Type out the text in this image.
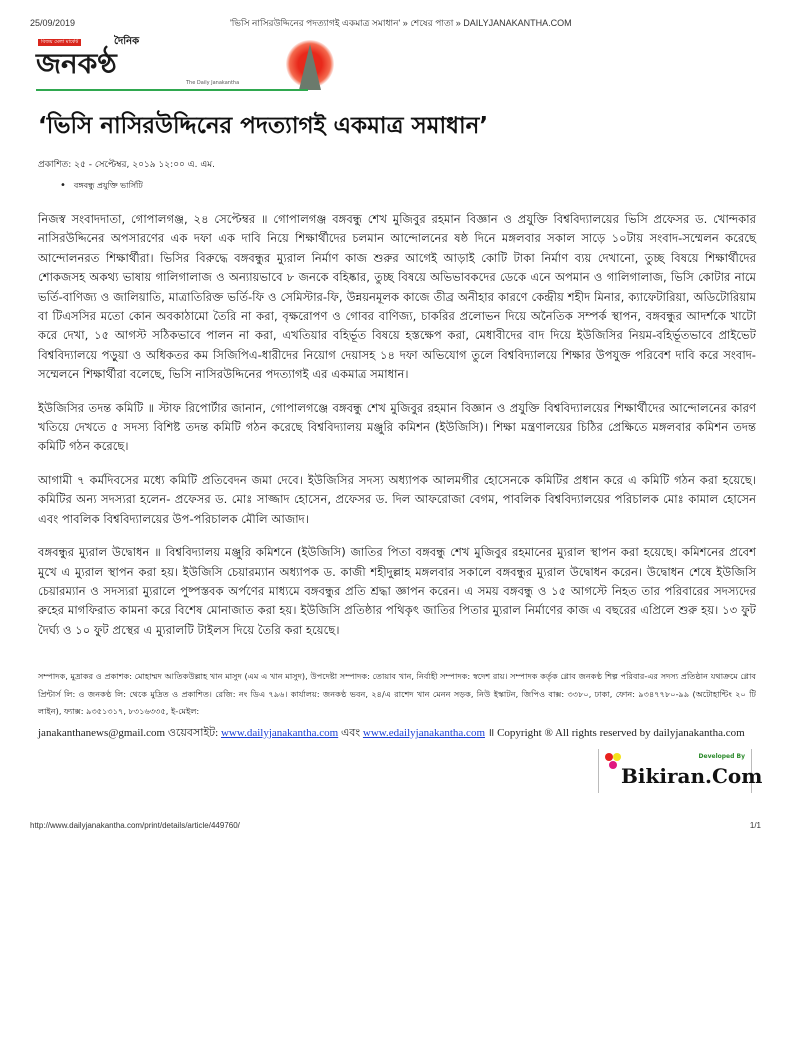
25/09/2019	'ভিসি নাসিরউদ্দিনের পদত্যাগই একমাত্র সমাধান' » শেষের পাতা » DAILYJANAKANTHA.COM
বিজয় মেলা মার্কেট	দৈনিক
জনকণ্ঠ
The Daily Janakantha
‘ভিসি নাসিরউদ্দিনের পদত্যাগই একমাত্র সমাধান’
প্রকাশিত: ২৫ - সেপ্টেম্বর, ২০১৯ ১২:০০ এ. এম.
• বঙ্গবন্ধু প্রযুক্তি ভার্সিটি

নিজস্ব সংবাদদাতা, গোপালগঞ্জ, ২৪ সেপ্টেম্বর ॥ গোপালগঞ্জ বঙ্গবন্ধু শেখ মুজিবুর রহমান বিজ্ঞান ও প্রযুক্তি বিশ্ববিদ্যালয়ের ভিসি প্রফেসর ড. খোন্দকার নাসিরউদ্দিনের অপসারণের এক দফা এক দাবি নিয়ে শিক্ষার্থীদের চলমান আন্দোলনের ষষ্ঠ দিনে মঙ্গলবার সকাল সাড়ে ১০টায় সংবাদ-সম্মেলন করেছে আন্দোলনরত শিক্ষার্থীরা। ভিসির বিরুদ্ধে বঙ্গবন্ধুর ম্যুরাল নির্মাণ কাজ শুরুর আগেই আড়াই কোটি টাকা নির্মাণ ব্যয় দেখানো, তুচ্ছ বিষয়ে শিক্ষার্থীদের শোকজসহ অকথ্য ভাষায় গালিগালাজ ও অন্যায়ভাবে ৮ জনকে বহিষ্কার, তুচ্ছ বিষয়ে অভিভাবকদের ডেকে এনে অপমান ও গালিগালাজ, ভিসি কোটার নামে ভর্তি-বাণিজ্য ও জালিয়াতি, মাত্রাতিরিক্ত ভর্তি-ফি ও সেমিস্টার-ফি, উন্নয়নমূলক কাজে তীব্র অনীহার কারণে কেন্দ্রীয় শহীদ মিনার, ক্যাফেটারিয়া, অডিটোরিয়াম বা টিএসসির মতো কোন অবকাঠামো তৈরি না করা, বৃক্ষরোপণ ও গোবর বাণিজ্য, চাকরির প্রলোভন দিয়ে অনৈতিক সম্পর্ক স্থাপন, বঙ্গবন্ধুর আদর্শকে খাটো করে দেখা, ১৫ আগস্ট সঠিকভাবে পালন না করা, এখতিয়ার বহির্ভূত বিষয়ে হস্তক্ষেপ করা, মেধাবীদের বাদ দিয়ে ইউজিসির নিয়ম-বহির্ভূতভাবে প্রাইভেট বিশ্ববিদ্যালয়ে পড়ুয়া ও অধিকতর কম সিজিপিএ-ধারীদের নিয়োগ দেয়াসহ ১৪ দফা অভিযোগ তুলে বিশ্ববিদ্যালয়ে শিক্ষার উপযুক্ত পরিবেশ দাবি করে সংবাদ-সম্মেলনে শিক্ষার্থীরা বলেছে, ভিসি নাসিরউদ্দিনের পদত্যাগই এর একমাত্র সমাধান।

ইউজিসির তদন্ত কমিটি ॥ স্টাফ রিপোর্টার জানান, গোপালগঞ্জে বঙ্গবন্ধু শেখ মুজিবুর রহমান বিজ্ঞান ও প্রযুক্তি বিশ্ববিদ্যালয়ের শিক্ষার্থীদের আন্দোলনের কারণ খতিয়ে দেখতে ৫ সদস্য বিশিষ্ট তদন্ত কমিটি গঠন করেছে বিশ্ববিদ্যালয় মঞ্জুরি কমিশন (ইউজিসি)। শিক্ষা মন্ত্রণালয়ের চিঠির প্রেক্ষিতে মঙ্গলবার কমিশন তদন্ত কমিটি গঠন করেছে।

আগামী ৭ কর্মদিবসের মধ্যে কমিটি প্রতিবেদন জমা দেবে। ইউজিসির সদস্য অধ্যাপক আলমগীর হোসেনকে কমিটির প্রধান করে এ কমিটি গঠন করা হয়েছে। কমিটির অন্য সদস্যরা হলেন- প্রফেসর ড. মোঃ সাজ্জাদ হোসেন, প্রফেসর ড. দিল আফরোজা বেগম, পাবলিক বিশ্ববিদ্যালয়ের পরিচালক মোঃ কামাল হোসেন এবং পাবলিক বিশ্ববিদ্যালয়ের উপ-পরিচালক মৌলি আজাদ।

বঙ্গবন্ধুর ম্যুরাল উদ্বোধন ॥ বিশ্ববিদ্যালয় মঞ্জুরি কমিশনে (ইউজিসি) জাতির পিতা বঙ্গবন্ধু শেখ মুজিবুর রহমানের ম্যুরাল স্থাপন করা হয়েছে। কমিশনের প্রবেশ মুখে এ ম্যুরাল স্থাপন করা হয়। ইউজিসি চেয়ারম্যান অধ্যাপক ড. কাজী শহীদুল্লাহ মঙ্গলবার সকালে বঙ্গবন্ধুর ম্যুরাল উদ্বোধন করেন। উদ্বোধন শেষে ইউজিসি চেয়ারম্যান ও সদস্যরা ম্যুরালে পুষ্পস্তবক অর্পণের মাধ্যমে বঙ্গবন্ধুর প্রতি শ্রদ্ধা জ্ঞাপন করেন। এ সময় বঙ্গবন্ধু ও ১৫ আগস্টে নিহত তার পরিবারের সদস্যদের রুহের মাগফিরাত কামনা করে বিশেষ মোনাজাত করা হয়। ইউজিসি প্রতিষ্ঠার পথিকৃৎ জাতির পিতার ম্যুরাল নির্মাণের কাজ এ বছরের এপ্রিলে শুরু হয়। ১৩ ফুট দৈর্ঘ্য ও ১০ ফুট প্রস্থের এ ম্যুরালটি টাইলস দিয়ে তৈরি করা হয়েছে।

সম্পাদক, মুদ্রাকর ও প্রকাশক: মোহাম্মদ আতিকউল্লাহ খান মাসুদ (এম এ খান মাসুদ), উপদেষ্টা সম্পাদক: তোয়াব খান, নির্বাহী সম্পাদক: স্বদেশ রায়। সম্পাদক কর্তৃক গ্লোব জনকণ্ঠ শিল্প পরিবার-এর সদস্য প্রতিষ্ঠান যথাক্রমে গ্লোব প্রিন্টার্স লি: ও জনকণ্ঠ লি: থেকে মুদ্রিত ও প্রকাশিত। রেজি: নং ডিএ ৭৯৬। কার্যালয়: জনকণ্ঠ ভবন, ২৪/এ রাশেদ খান মেনন সড়ক, নিউ ইস্কাটন, জিপিও বাক্স: ৩৩৮০, ঢাকা, ফোন: ৯৩৪৭৭৮০-৯৯ (অটোহান্টিং ২০ টি লাইন), ফ্যাক্স: ৯৩৫১৩১৭, ৮৩১৬৩৩৫, ই-মেইল:

janakanthanews@gmail.com ওয়েবসাইট: www.dailyjanakantha.com এবং www.edailyjanakantha.com ॥ Copyright ® All rights reserved by dailyjanakantha.com

Developed By
Bikiran.Com
http://www.dailyjanakantha.com/print/details/article/449760/	1/1
